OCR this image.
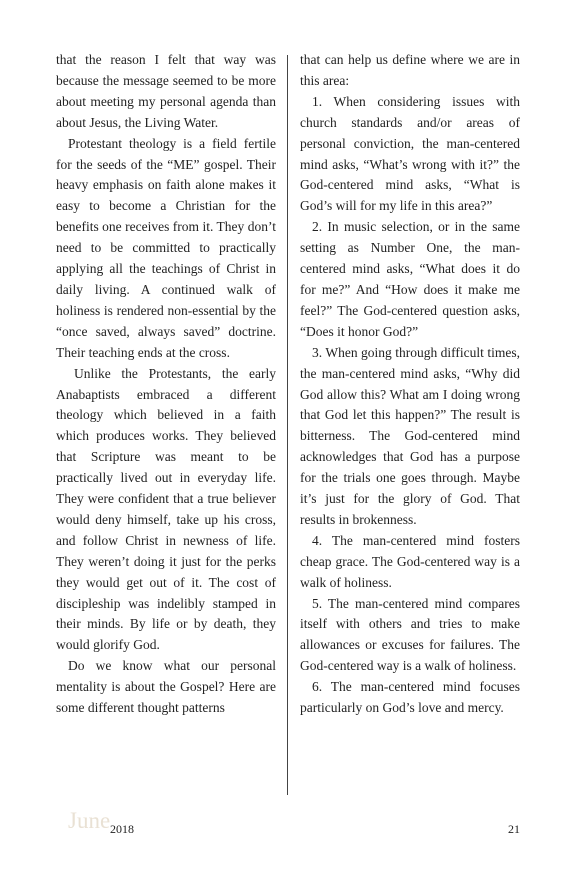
that the reason I felt that way was because the message seemed to be more about meeting my personal agenda than about Jesus, the Living Water.

Protestant theology is a field fertile for the seeds of the “ME” gospel. Their heavy emphasis on faith alone makes it easy to become a Christian for the benefits one receives from it. They don’t need to be committed to practically applying all the teachings of Christ in daily living. A continued walk of holiness is rendered non-essential by the “once saved, always saved” doctrine. Their teaching ends at the cross.

Unlike the Protestants, the early Anabaptists embraced a different theology which believed in a faith which produces works. They believed that Scripture was meant to be practically lived out in everyday life. They were confident that a true believer would deny himself, take up his cross, and follow Christ in newness of life. They weren’t doing it just for the perks they would get out of it. The cost of discipleship was indelibly stamped in their minds. By life or by death, they would glorify God.

Do we know what our personal mentality is about the Gospel? Here are some different thought patterns

that can help us define where we are in this area:

1. When considering issues with church standards and/or areas of personal conviction, the man-centered mind asks, “What’s wrong with it?” the God-centered mind asks, “What is God’s will for my life in this area?”

2. In music selection, or in the same setting as Number One, the man-centered mind asks, “What does it do for me?” And “How does it make me feel?” The God-centered question asks, “Does it honor God?”

3. When going through difficult times, the man-centered mind asks, “Why did God allow this? What am I doing wrong that God let this happen?” The result is bitterness. The God-centered mind acknowledges that God has a purpose for the trials one goes through. Maybe it’s just for the glory of God. That results in brokenness.

4. The man-centered mind fosters cheap grace. The God-centered way is a walk of holiness.

5. The man-centered mind compares itself with others and tries to make allowances or excuses for failures. The God-centered way is a walk of holiness.

6. The man-centered mind focuses particularly on God’s love and mercy.

June 2018	21
